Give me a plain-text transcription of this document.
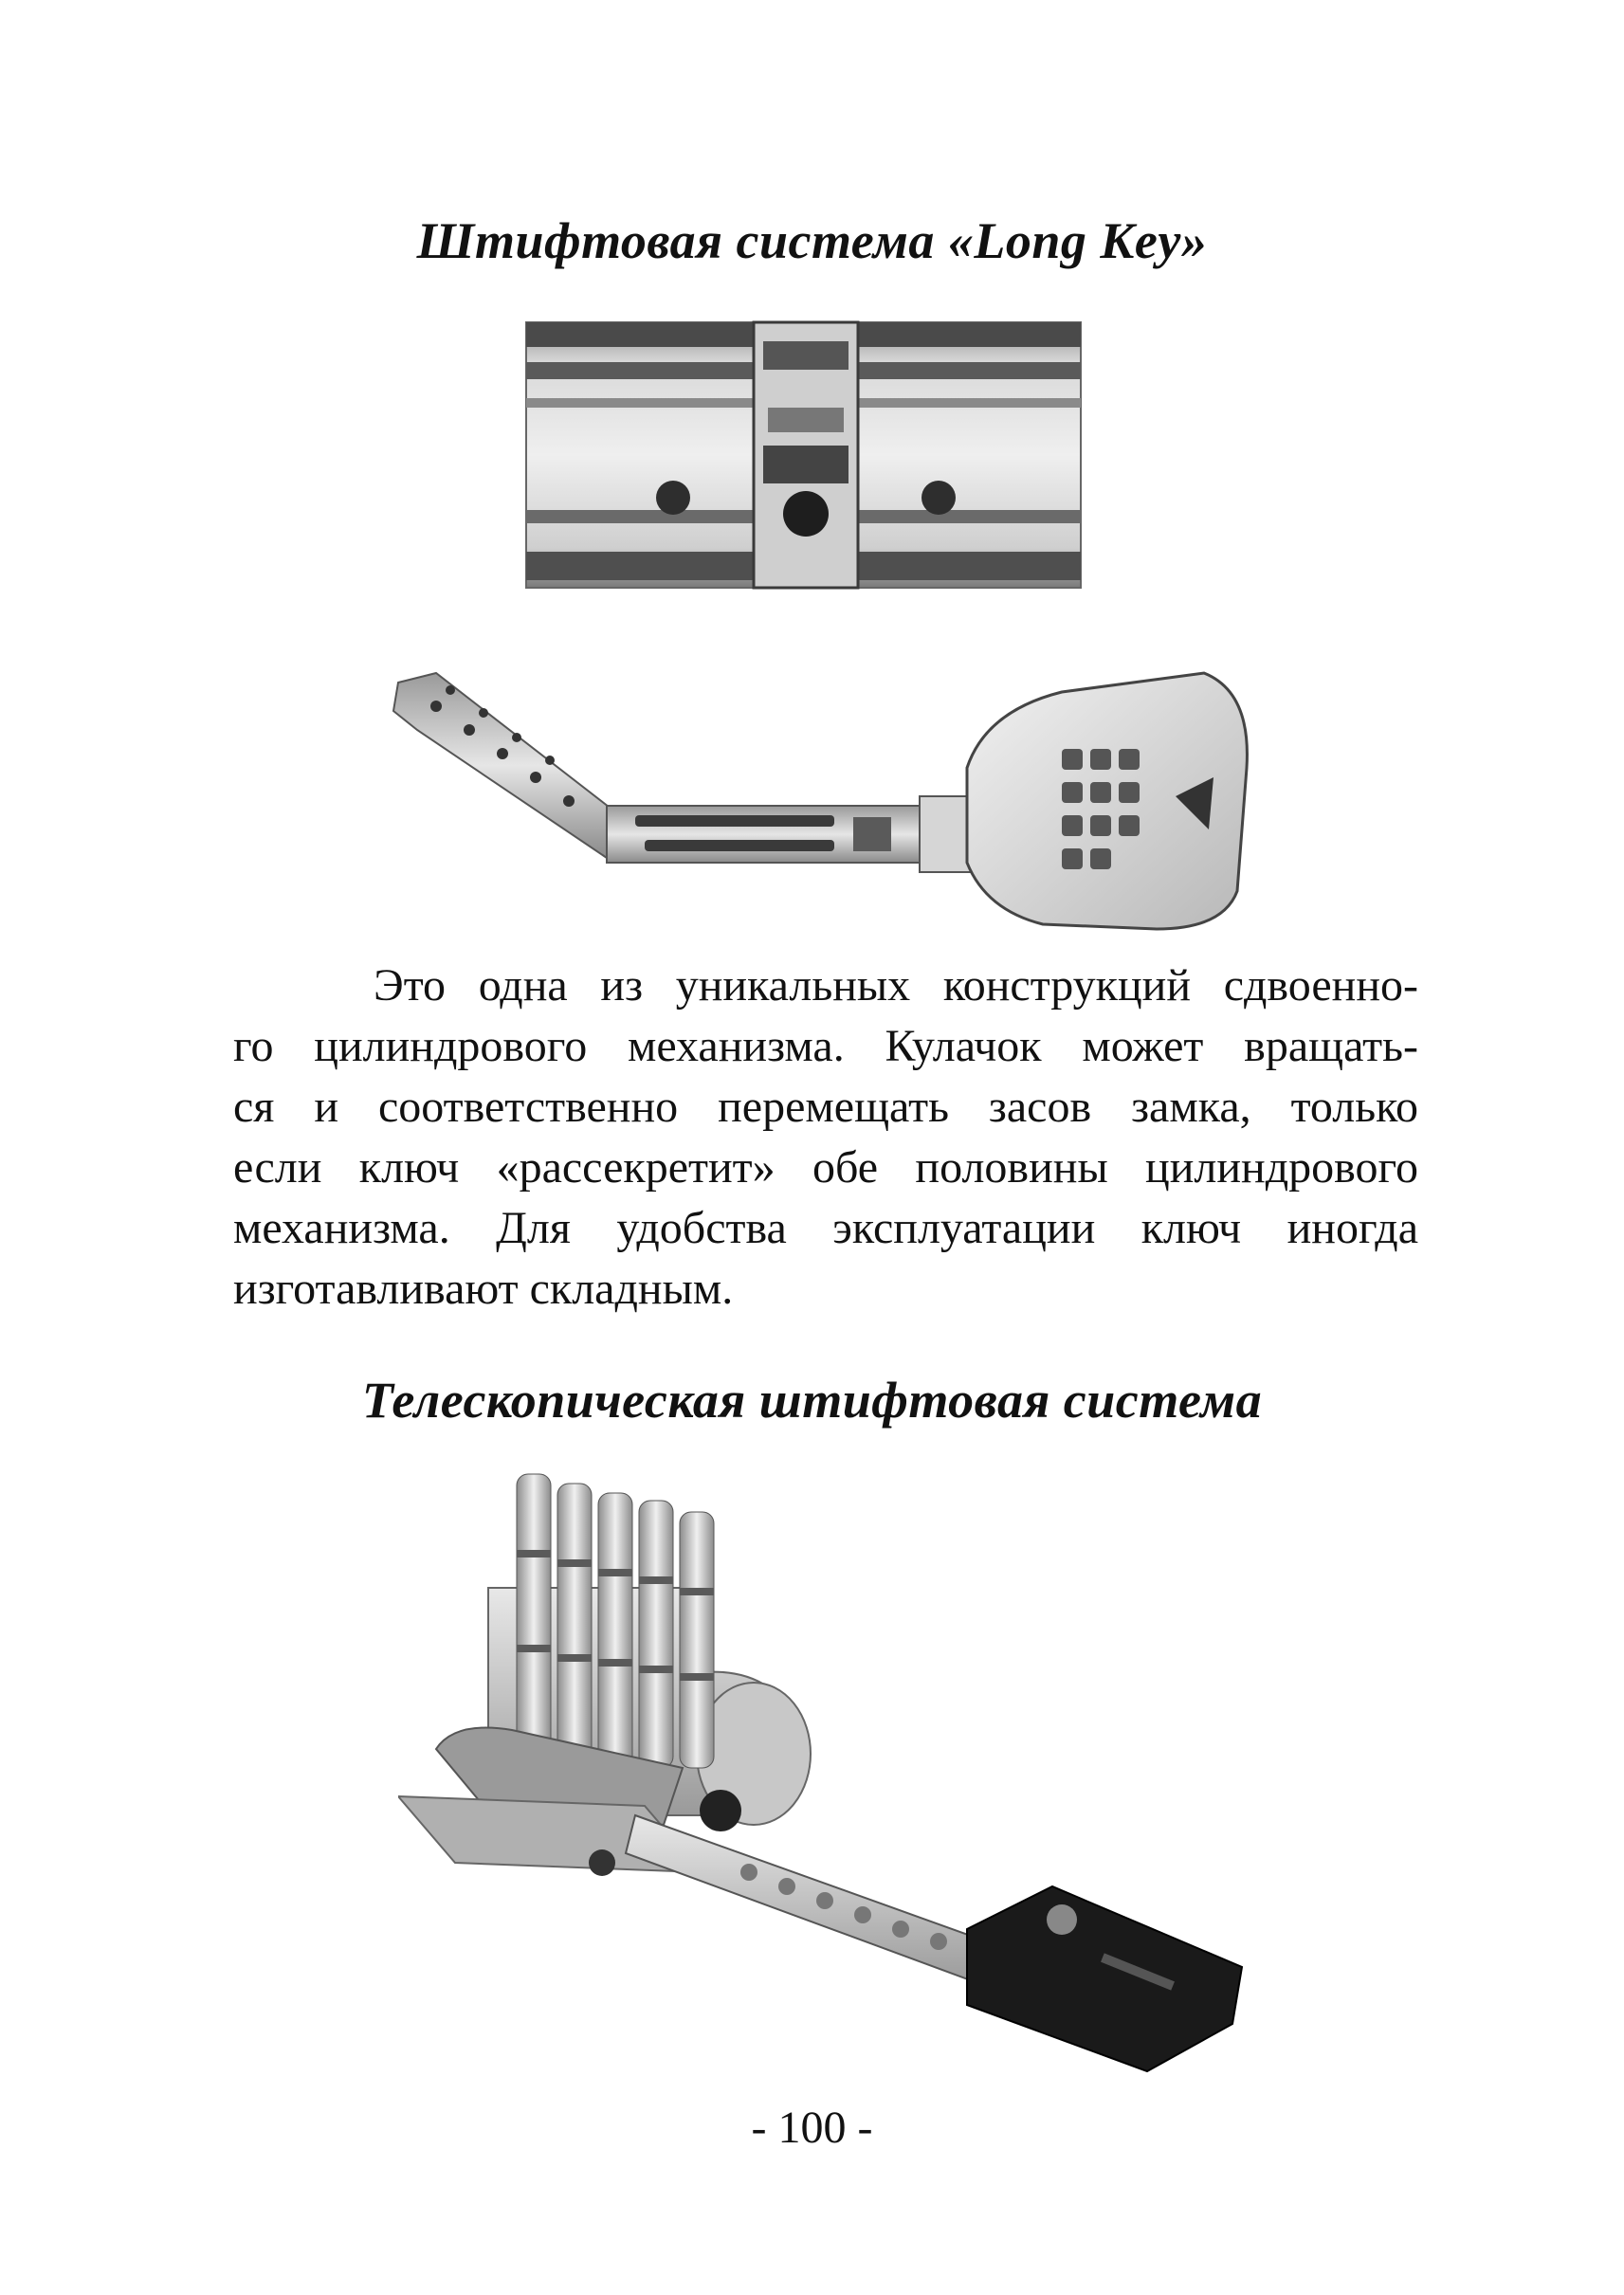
Штифтовая система «Long Key»
Это одна из уникальных конструкций сдвоенно-
го цилиндрового механизма. Кулачок может вращать-
ся и соответственно перемещать засов замка, только
если ключ «рассекретит» обе половины цилиндрового
механизма. Для удобства эксплуатации ключ иногда
изготавливают складным.
Телескопическая штифтовая система
- 100 -
